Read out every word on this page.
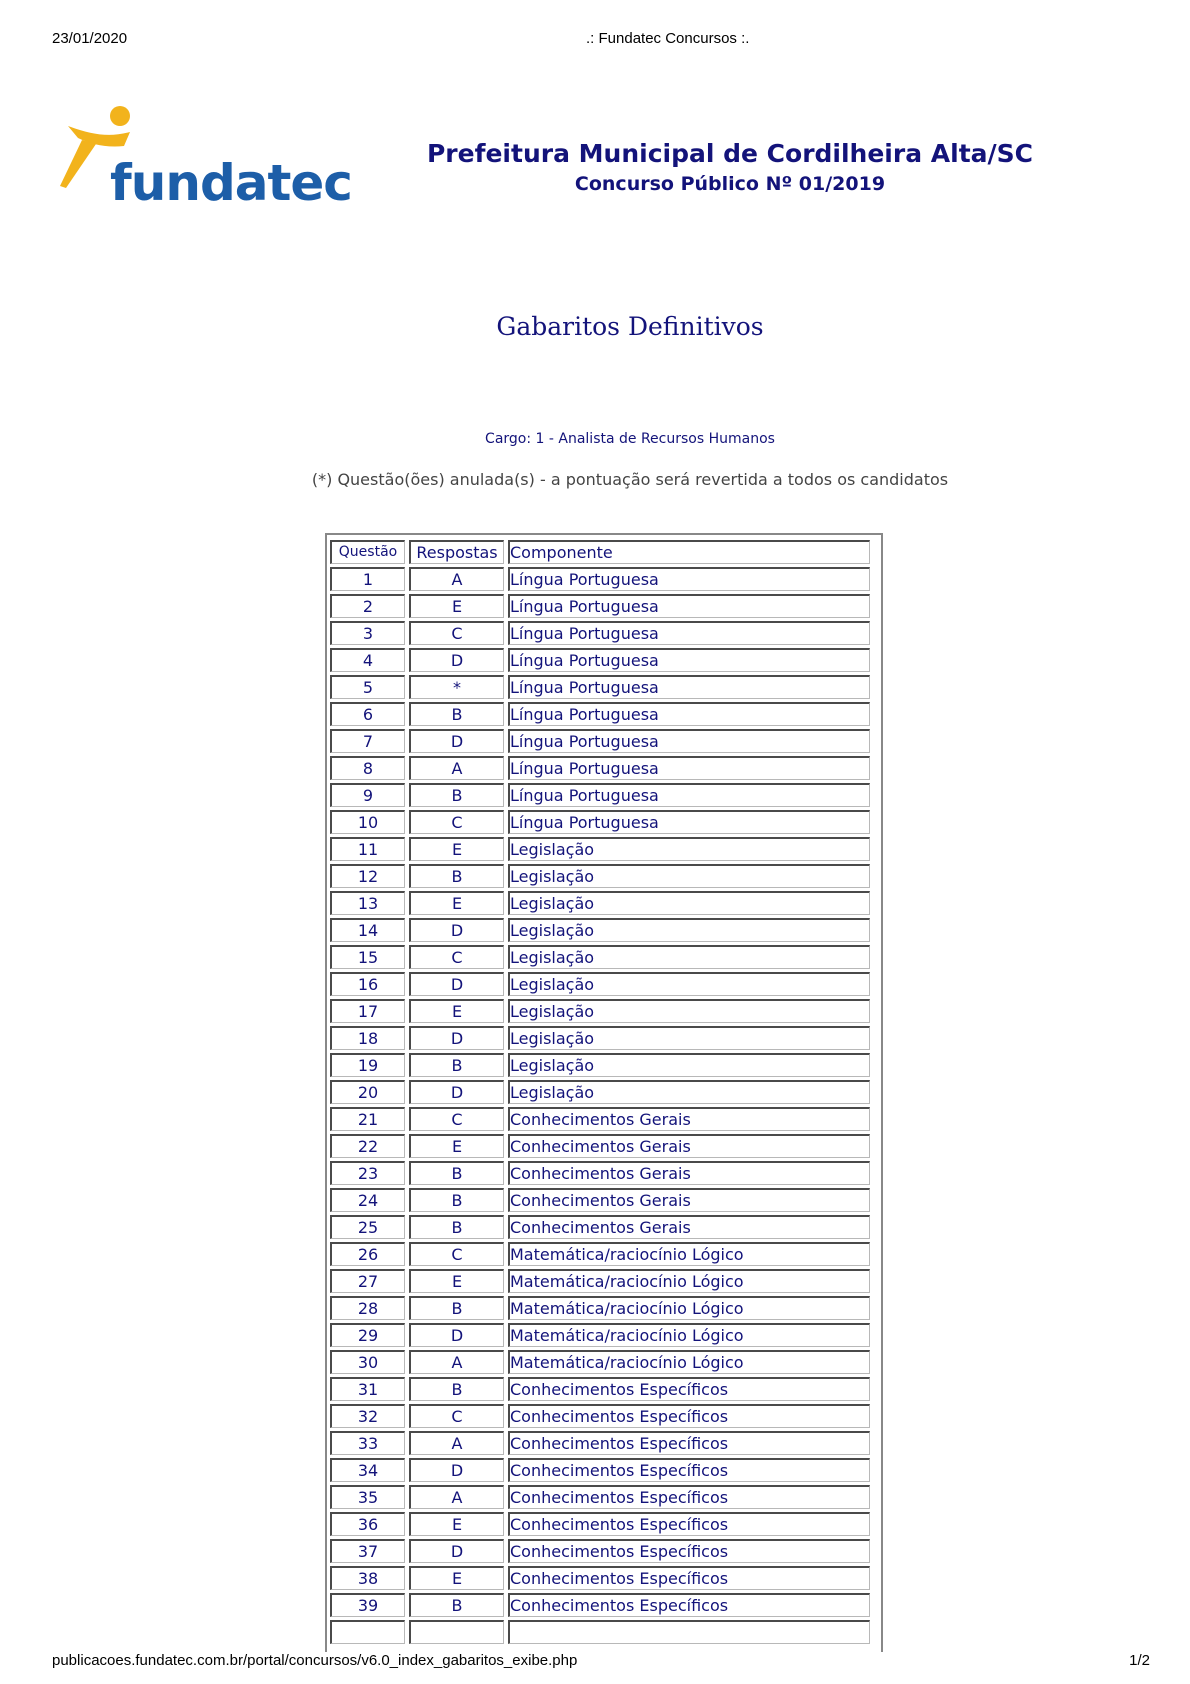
23/01/2020	.: Fundatec Concursos :.
fundatec
Prefeitura Municipal de Cordilheira Alta/SC
Concurso Público Nº 01/2019
Gabaritos Definitivos
Cargo: 1 - Analista de Recursos Humanos
(*) Questão(ões) anulada(s) - a pontuação será revertida a todos os candidatos
Questão	Respostas	Componente
1	A	Língua Portuguesa
2	E	Língua Portuguesa
3	C	Língua Portuguesa
4	D	Língua Portuguesa
5	*	Língua Portuguesa
6	B	Língua Portuguesa
7	D	Língua Portuguesa
8	A	Língua Portuguesa
9	B	Língua Portuguesa
10	C	Língua Portuguesa
11	E	Legislação
12	B	Legislação
13	E	Legislação
14	D	Legislação
15	C	Legislação
16	D	Legislação
17	E	Legislação
18	D	Legislação
19	B	Legislação
20	D	Legislação
21	C	Conhecimentos Gerais
22	E	Conhecimentos Gerais
23	B	Conhecimentos Gerais
24	B	Conhecimentos Gerais
25	B	Conhecimentos Gerais
26	C	Matemática/raciocínio Lógico
27	E	Matemática/raciocínio Lógico
28	B	Matemática/raciocínio Lógico
29	D	Matemática/raciocínio Lógico
30	A	Matemática/raciocínio Lógico
31	B	Conhecimentos Específicos
32	C	Conhecimentos Específicos
33	A	Conhecimentos Específicos
34	D	Conhecimentos Específicos
35	A	Conhecimentos Específicos
36	E	Conhecimentos Específicos
37	D	Conhecimentos Específicos
38	E	Conhecimentos Específicos
39	B	Conhecimentos Específicos

publicacoes.fundatec.com.br/portal/concursos/v6.0_index_gabaritos_exibe.php	1/2
